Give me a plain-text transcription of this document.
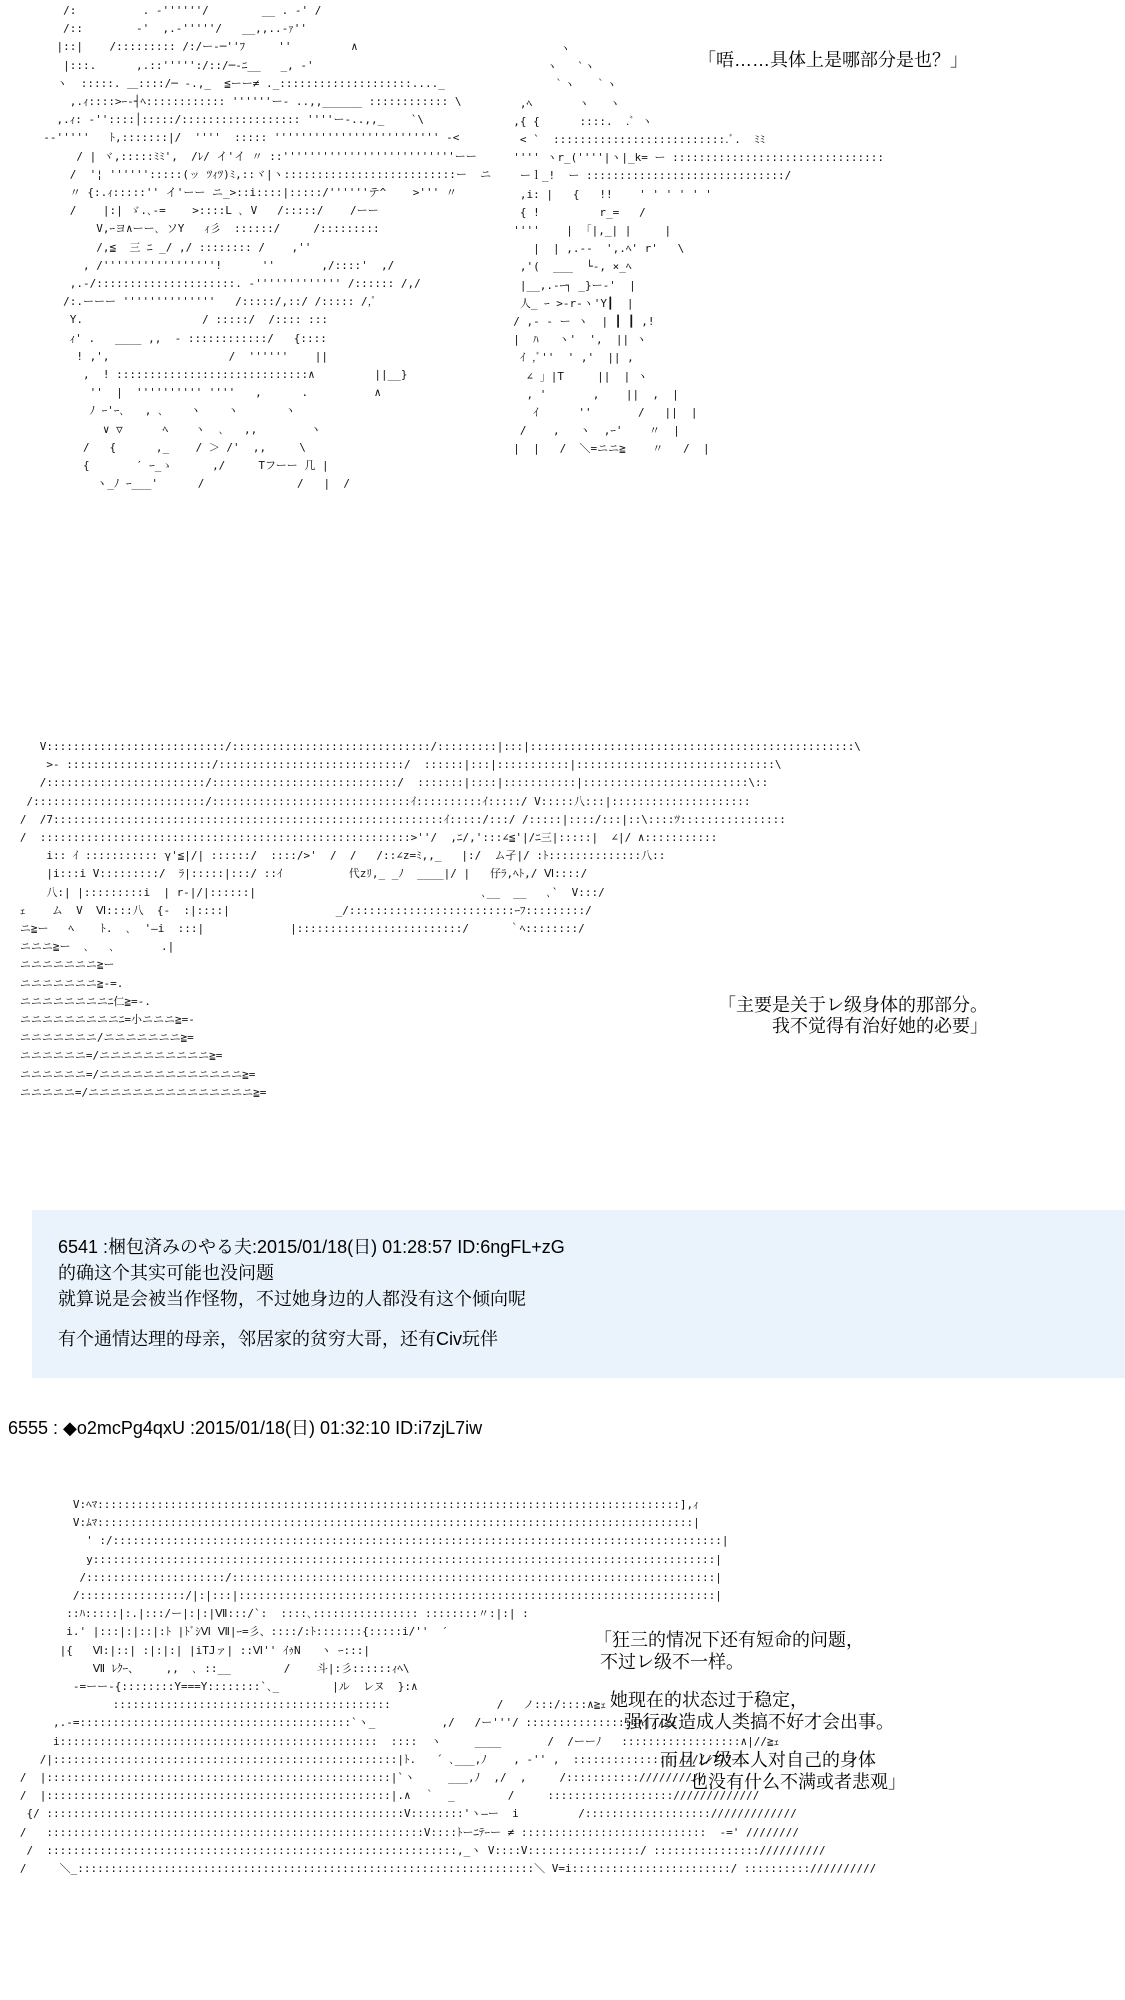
/:          . -''''''/        __ . -' /
/::        -'  ,.-'''''/   __,,..-ｧ''
|::|    /::::::::: /:/ー-─''ﾌ     ''         ∧
|:::.      ,.::''''':/::/─-ﾆ__   _, -'
ヽ  :::::. ＿::::/─ -.,_  ≦ーー≠ ._::::::::::::::::::::...._
,.ｨ::::>ｰ-┤ﾍ:::::::::::: ''''''ー- ..,,______ :::::::::::: \
,.ｨ: ‐''::::│:::::/:::::::::::::::::: ''''ー-..,,_    `\
-‐'''''   ﾄ,:::::::|/  ''''  ::::: ''''''''''''''''''''''''' -<
/ | ヾ,:::::ﾐﾐ',  /ﾚ/ イ'イ 〃 ::''''''''''''''''''''''''''ーー
/  '¦ '''''':::::(ッ ﾂｨﾂ)ﾐ,::ヾ|ヽ::::::::::::::::::::::::::ー  ニ
〃 {:.ｨ:::::'' イ'ーー ニ_>::i::::|:::::/''''''テ^    >''' 〃
/    |:| ゞ.､-=    >::::L ､ V   /:::::/    /ーー
V,ｰヨ∧ーー､ ソY   ｨ彡  ::::::/     /:::::::::
/,≦  三 ﾆ _/ ,/ :::::::: /    ,''
, /'''''''''''''''''!      ''       ,/::::'  ,/
,.-/:::::::::::::::::::::. -''''''''''''' /:::::: /,/
/:.ーーー ''''''''''''''   /:::::/,::/ /::::: /,ﾟ
Y.                  / :::::/  /:::: :::
ｨ' .   ____ ,,  - ::::::::::::/   {::::
! ,',                  /  ''''''    ||
,  ! :::::::::::::::::::::::::::::∧         ||__}
''  |  '''''''''' ''''   ,      .          ∧
ﾉ ｰ'ｰ､   , ､    ヽ    ヽ       ヽ
∨ ▽      ﾍ    ヽ  ､   ,,        ヽ
/   {      ,_    / ＞ /'  ,,     \
{       ′ ｰ_ゝ      ,/     Tフーー 几 |
ヽ_ﾉ ｰ___'      /              /   |  /

ヽ
ヽ   `ヽ
｀ヽ   ｀ヽ
,ﾍ       ヽ   ヽ
,{ {      ::::.  .ﾞ ヽ
< `  ::::::::::::::::::::::::::.ﾞ.  ﾐﾐ
'''' ヽr_(''''|ヽ|_k= ー ::::::::::::::::::::::::::::::::
ーｌ_!  ー ::::::::::::::::::::::::::::::/
,i: |   {   !!    ' ' ' ' ' '
{ !         r_=   /
''''    |  ｢|,_| |     |
|  | ,.--  ',.ﾍ' r'   \
,'(  ___  └-, ×_ﾍ
|__,.-ｰ┐ _}ー-'  |
人_ ｰ >-r‐ヽ'Y┃  |
/ ,- - ー ヽ  | ┃ ┃ ,!
|  ﾊ   ヽ'  ',  || ヽ
ｲ ,ﾞ''  ' ,'  || ,
∠ 」|T     ||  | ヽ
, '       ,    ||  ,  |
ｲ      ''       /   ||  |
/    ,   ヽ  ,ｰ'    〃  |
|  |   /  ＼=ニニ≧    〃   /  |

「唔……具体上是哪部分是也？」
V:::::::::::::::::::::::::::/::::::::::::::::::::::::::::::/:::::::::|:::|:::::::::::::::::::::::::::::::::::::::::::::::::\
>- ::::::::::::::::::::::/::::::::::::::::::::::::::::/  ::::::|:::|:::::::::::|::::::::::::::::::::::::::::::\
/::::::::::::::::::::::::/::::::::::::::::::::::::::::/  :::::::|::::|:::::::::::|:::::::::::::::::::::::::\::
/::::::::::::::::::::::::::/::::::::::::::::::::::::::::::ｲ::::::::::ｲ:::::/ V:::::八:::|:::::::::::::::::::::
/  /7:::::::::::::::::::::::::::::::::::::::::::::::::::::::::::ｲ:::::/:::/ /:::::|::::/:::|::\::::ﾂ::::::::::::::::
/  ::::::::::::::::::::::::::::::::::::::::::::::::::::::::>''/  ,ﾆ/,':::∠≦'|/ﾆ三|:::::|  ∠|/ ∧:::::::::::
i:: ｲ ::::::::::: γ'≦|/| ::::::/  ::::/>'  /  /   /::∠z=ﾐ,,_   |:/  ム孑|/ :ﾄ::::::::::::::八::
|i:::i V:::::::::/  ﾗ|:::::|:::/ ::ｲ          代zﾘ,_ _ﾉ  ____|/ |   仔ﾗ,ﾍﾄ,/ Ⅵ::::/
八:| |:::::::::i  | r-|/|::::::|                                  ､__  __   ､`  V:::/
ｪ    ム  V  Ⅵ::::八  {‐  :|::::|                _/:::::::::::::::::::::::::ｰﾌ:::::::::/
ニ≧ー   ﾍ    ﾄ.  ､  '―i  :::|             |:::::::::::::::::::::::::/      ｀ﾍ::::::::/
ニニニ≧ー  ､   ､       .|
ニニニニニニニ≧ー
ニニニニニニニ≧-=.
ニニニニニニニニﾆ仁≧=-.
ニニニニニニニニニﾆ=小ニニニ≧=-
ニニニニニニニ/ニニニニニニニ≧=
ニニニニニニ=/ニニニニニニニニニニ≧=
ニニニニニニ=/ニニニニニニニニニニニニニ≧=
ニニニニニ=/ニニニニニニニニニニニニニニニ≧=

「主要是关于レ级身体的那部分。
我不觉得有治好她的必要」
6541 :梱包済みのやる夫:2015/01/18(日) 01:28:57 ID:6ngFL+zG
的确这个其实可能也没问题
就算说是会被当作怪物，不过她身边的人都没有这个倾向呢
有个通情达理的母亲，邻居家的贫穷大哥，还有Civ玩伴
6555 : ◆o2mcPg4qxU :2015/01/18(日) 01:32:10 ID:i7zjL7iw
V:ﾍﾏ::::::::::::::::::::::::::::::::::::::::::::::::::::::::::::::::::::::::::::::::::::::::],ｨ
V:ﾑﾏ::::::::::::::::::::::::::::::::::::::::::::::::::::::::::::::::::::::::::::::::::::::::::|
' :/::::::::::::::::::::::::::::::::::::::::::::::::::::::::::::::::::::::::::::::::::::::::::::|
y::::::::::::::::::::::::::::::::::::::::::::::::::::::::::::::::::::::::::::::::::::::::::::::|
/:::::::::::::::::::::/:::::::::::::::::::::::::::::::::::::::::::::::::::::::::::::::::::::::::|
/::::::::::::::::/|:|:::|::::::::::::::::::::::::::::::::::::::::::::::::::::::::::::::::::::::::|
::ﾊ:::::|:.|:::/ー|:|:|Ⅶ:::/`:  ::::､:::::::::::::::: ::::::::〃:|:| :
i.' |:::|:|::|:ﾄ |ﾄﾞｼⅥ Ⅶ|ｰ=彡、::::/:ﾄ:::::::{:::::i/''  ′
|{   Ⅵ:|::| :|:|:| |iTJァ| ::Ⅵ'' ｲｩN   ヽ ｰ:::|
Ⅶ ﾚｸｰ、    ,,  ､ ::__        /    斗|:彡::::::ｨﾍ\
-=ーー-{::::::::Y===Y::::::::`､_        |ル  レヌ  }:∧
::::::::::::::::::::::::::::::::::::::::::                /   ノ:::/::::∧≧ｪ
,.-=:::::::::::::::::::::::::::::::::::::::::`ヽ_          ,/   /ー'''/ :::::::::::::::::∧|//≧ｪ
i::::::::::::::::::::::::::::::::::::::::::::::::  ::::  ヽ     ____       /  /ーーﾉ   ::::::::::::::::::∧|//≧ｪ
/|::::::::::::::::::::::::::::::::::::::::::::::::::::|ﾄ.   ´ ､___,ﾉ    , -'' ,  :::::::::::::::://///777ｰ
/  |::::::::::::::::::::::::::::::::::::::::::::::::::::|`ヽ     ___,ﾉ  ,/  ,     /::::::::::://////////
/  |::::::::::::::::::::::::::::::::::::::::::::::::::::|.∧  ｀  _        /     ::::::::::::::::::://///////////
{/ ::::::::::::::::::::::::::::::::::::::::::::::::::::::V::::::::'ヽ―ー  i         /::::::::::::::::::://///////////
/   :::::::::::::::::::::::::::::::::::::::::::::::::::::::::V::::ﾄーﾆﾃｰー ≠ ::::::::::::::::::::::::::::  -=' ////////
/  ::::::::::::::::::::::::::::::::::::::::::::::::::::::::::::::,_ヽ V::::V:::::::::::::::::/ :::::::::::::::://////////
/     ＼_:::::::::::::::::::::::::::::::::::::::::::::::::::::::::::::::::::::＼ V=i::::::::::::::::::::::::/ :::::::::://////////

「狂三的情况下还有短命的问题，
不过レ级不一样。
她现在的状态过于稳定，
强行改造成人类搞不好才会出事。
而且レ级本人对自己的身体
也没有什么不满或者悲观」
